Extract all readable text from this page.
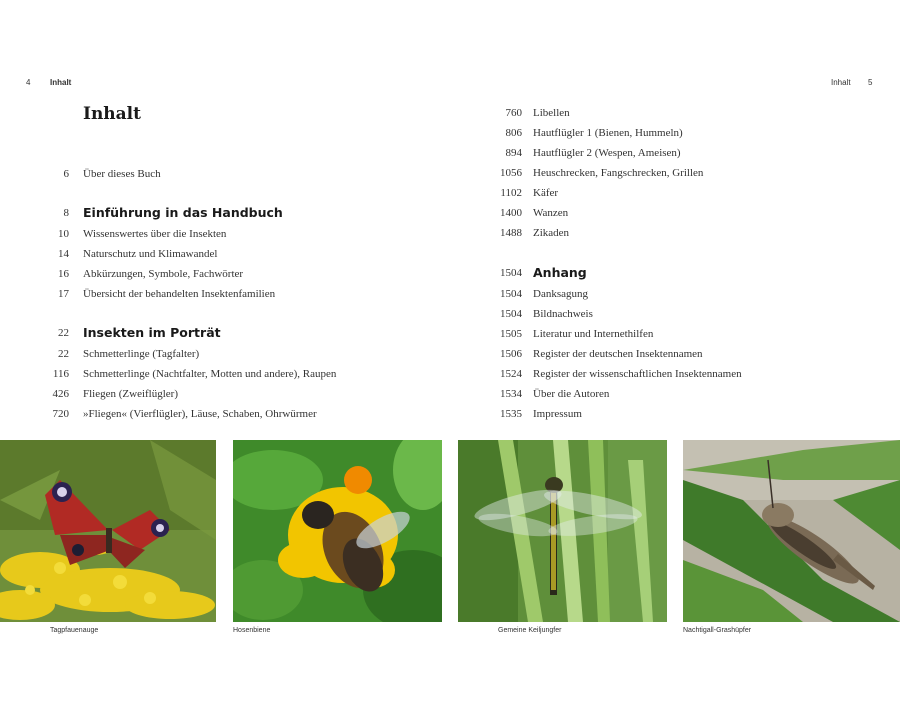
4 Inhalt	Inhalt 5
Inhalt
6 Über dieses Buch
8 Einführung in das Handbuch
10 Wissenswertes über die Insekten
14 Naturschutz und Klimawandel
16 Abkürzungen, Symbole, Fachwörter
17 Übersicht der behandelten Insektenfamilien
22 Insekten im Porträt
22 Schmetterlinge (Tagfalter)
116 Schmetterlinge (Nachtfalter, Motten und andere), Raupen
426 Fliegen (Zweiflügler)
720 »Fliegen« (Vierflügler), Läuse, Schaben, Ohrwürmer
760 Libellen
806 Hautflügler 1 (Bienen, Hummeln)
894 Hautflügler 2 (Wespen, Ameisen)
1056 Heuschrecken, Fangschrecken, Grillen
1102 Käfer
1400 Wanzen
1488 Zikaden
1504 Anhang
1504 Danksagung
1504 Bildnachweis
1505 Literatur und Internethilfen
1506 Register der deutschen Insektennamen
1524 Register der wissenschaftlichen Insektennamen
1534 Über die Autoren
1535 Impressum
Tagpfauenauge	Hosenbiene	Gemeine Keiljungfer	Nachtigall-Grashüpfer
